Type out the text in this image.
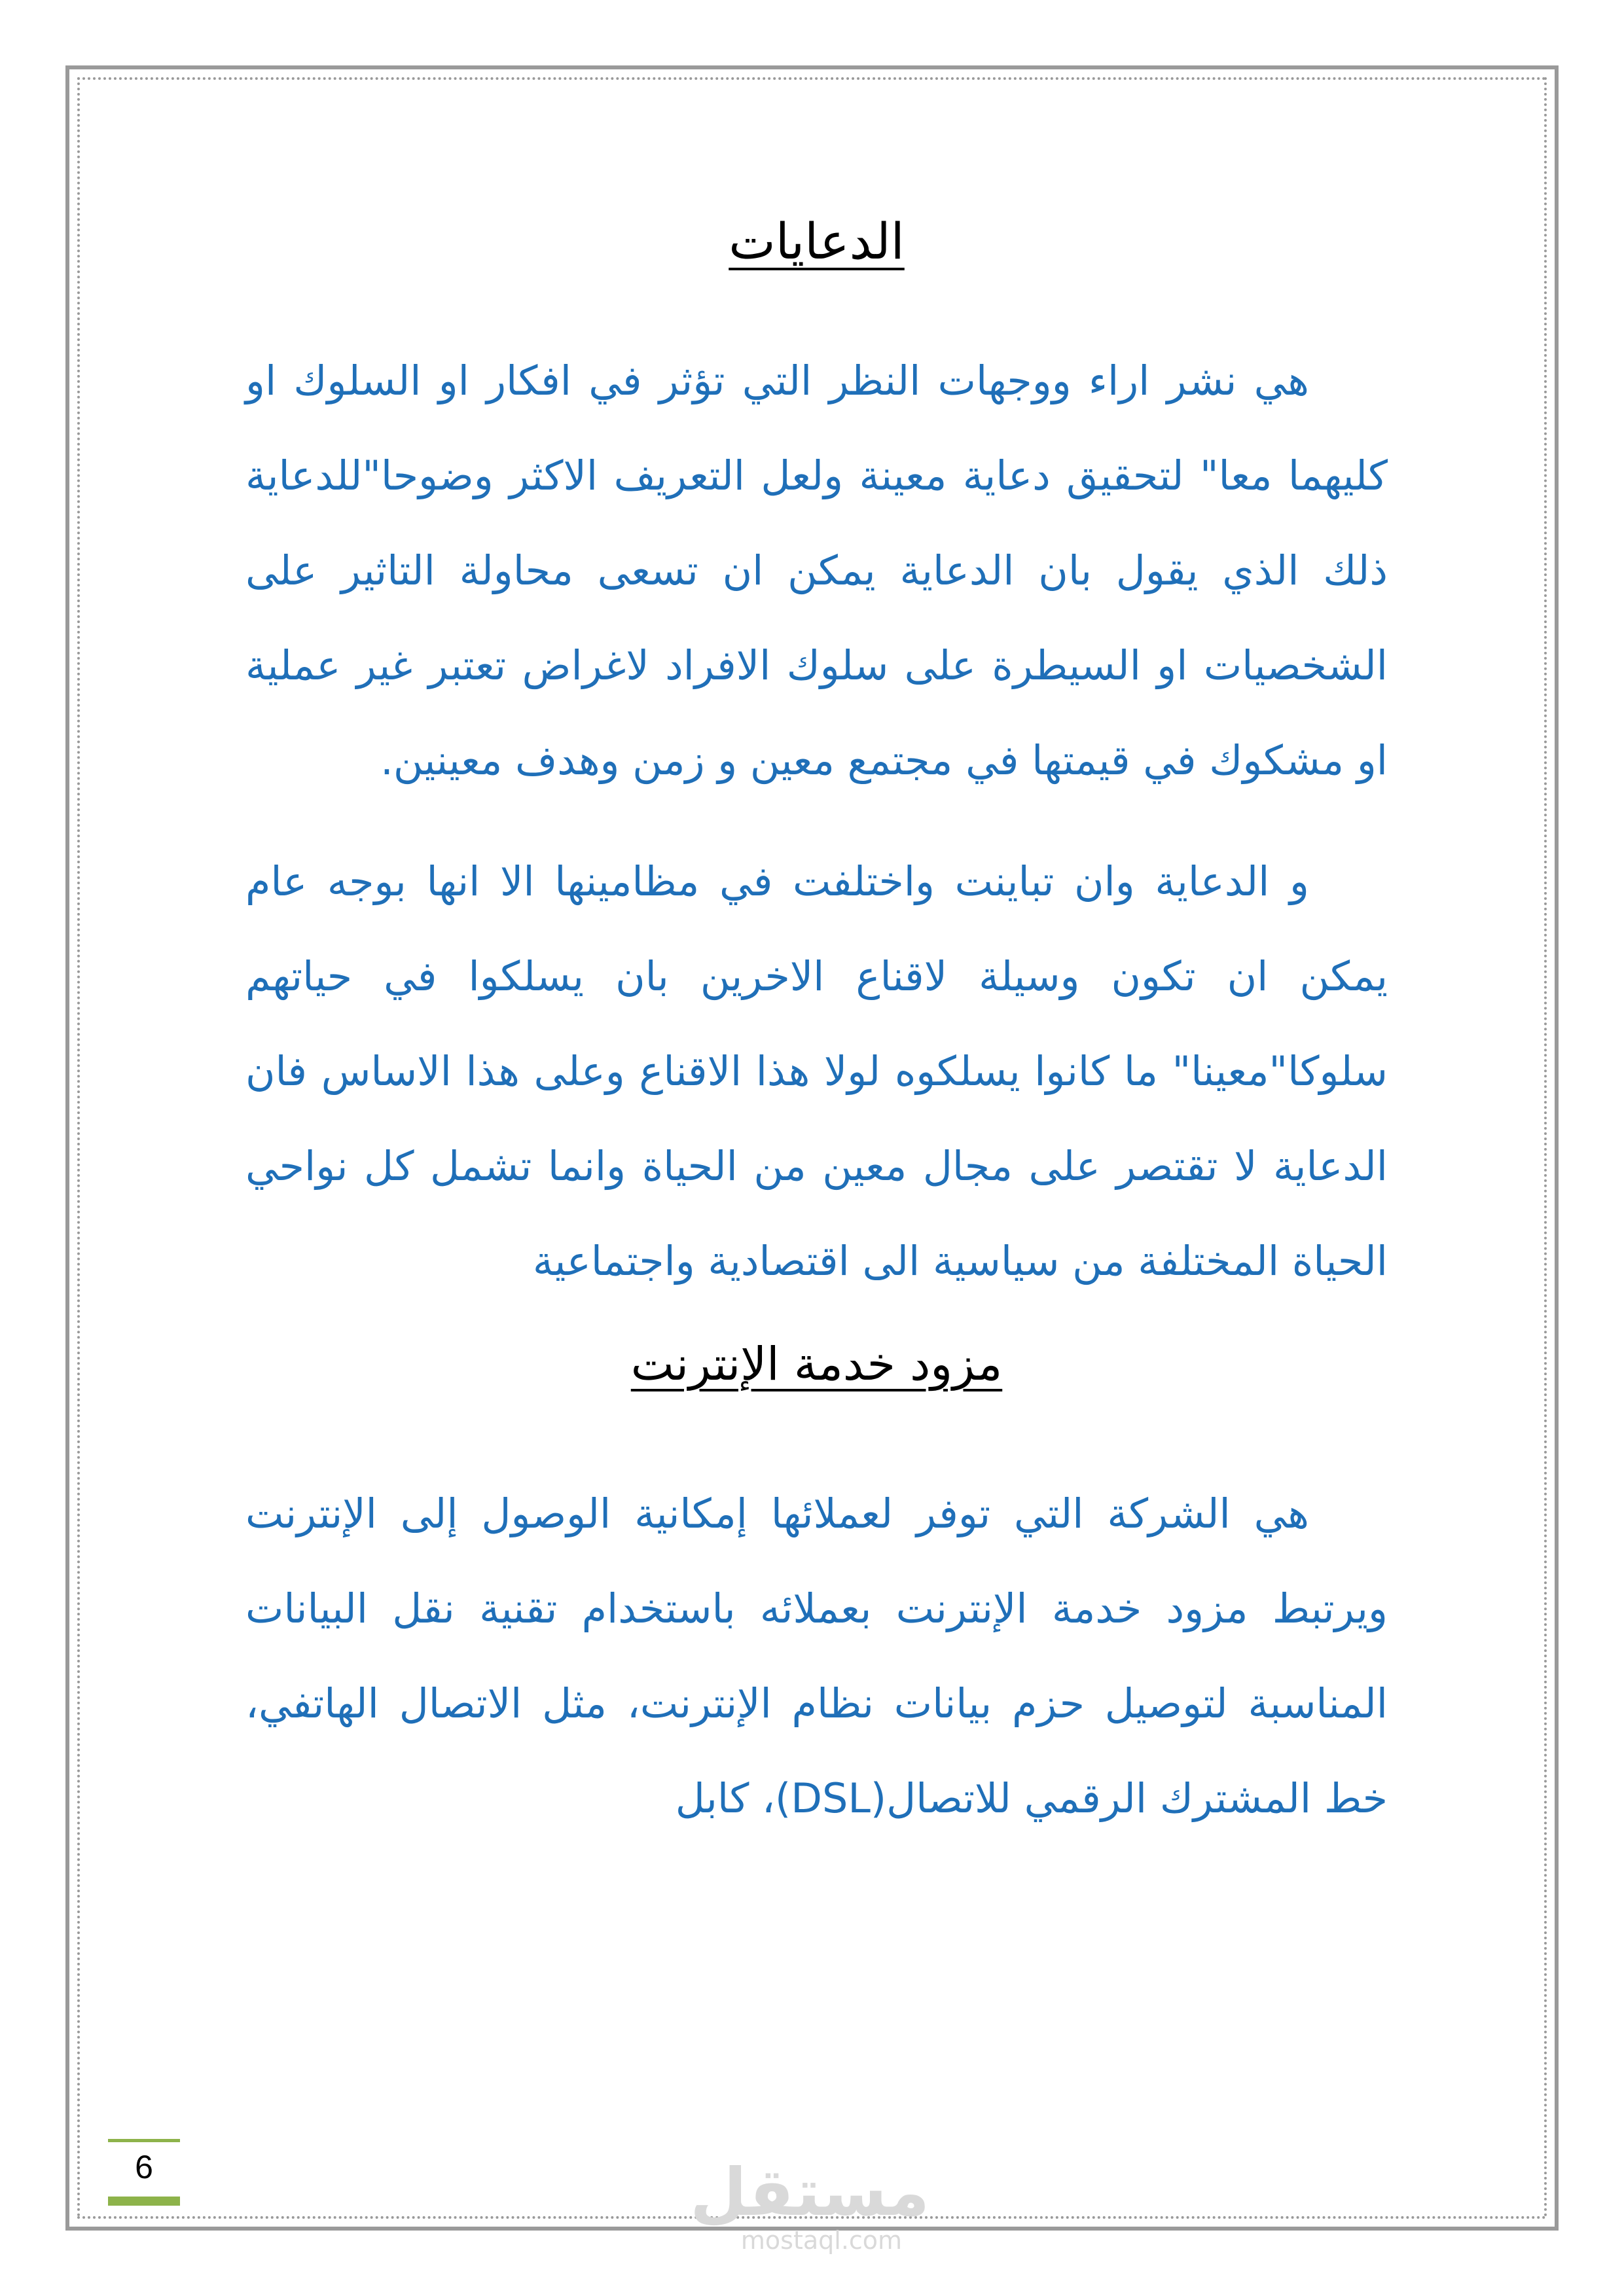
الدعايات

هي نشر اراء ووجهات النظر التي تؤثر في افكار او السلوك او كليهما معا" لتحقيق دعاية معينة ولعل التعريف الاكثر وضوحا"للدعاية ذلك الذي يقول بان الدعاية يمكن ان تسعى محاولة التاثير على الشخصيات او السيطرة على سلوك الافراد لاغراض تعتبر غير عملية او مشكوك في قيمتها في مجتمع معين و زمن وهدف معينين.

و الدعاية وان تباينت واختلفت في مظامينها الا انها بوجه عام يمكن ان تكون وسيلة لاقناع الاخرين بان يسلكوا في حياتهم سلوكا"معينا" ما كانوا يسلكوه لولا هذا الاقناع وعلى هذا الاساس فان الدعاية لا تقتصر على مجال معين من الحياة وانما تشمل كل نواحي الحياة المختلفة من سياسية الى اقتصادية واجتماعية

مزود خدمة الإنترنت

هي الشركة التي توفر لعملائها إمكانية الوصول إلى الإنترنت ويرتبط مزود خدمة الإنترنت بعملائه باستخدام تقنية نقل البيانات المناسبة لتوصيل حزم بيانات نظام الإنترنت، مثل الاتصال الهاتفي، خط المشترك الرقمي للاتصال(DSL)، كابل

6	مستقل
mostaql.com
